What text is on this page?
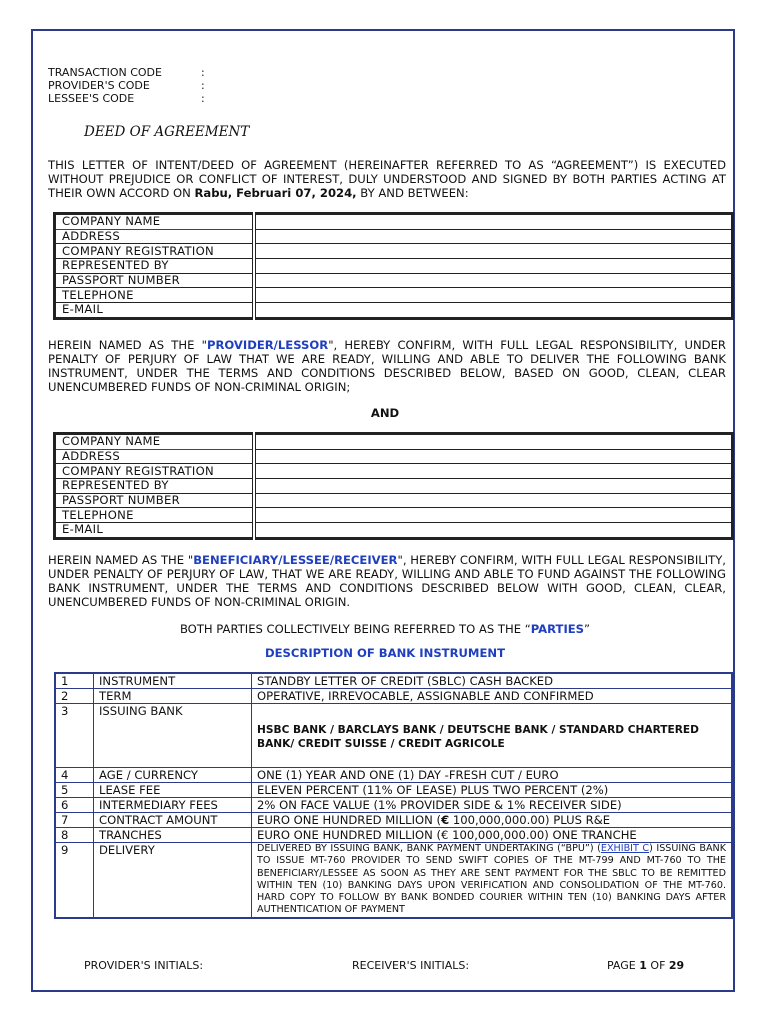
TRANSACTION CODE	:
PROVIDER'S CODE	:
LESSEE'S CODE	:
DEED OF AGREEMENT
THIS LETTER OF INTENT/DEED OF AGREEMENT (HEREINAFTER REFERRED TO AS “AGREEMENT”) IS EXECUTED WITHOUT PREJUDICE OR CONFLICT OF INTEREST, DULY UNDERSTOOD AND SIGNED BY BOTH PARTIES ACTING AT THEIR OWN ACCORD ON Rabu, Februari 07, 2024, BY AND BETWEEN:
COMPANY NAME	
ADDRESS	
COMPANY REGISTRATION	
REPRESENTED BY	
PASSPORT NUMBER	
TELEPHONE	
E-MAIL	
HEREIN NAMED AS THE "PROVIDER/LESSOR", HEREBY CONFIRM, WITH FULL LEGAL RESPONSIBILITY, UNDER PENALTY OF PERJURY OF LAW THAT WE ARE READY, WILLING AND ABLE TO DELIVER THE FOLLOWING BANK INSTRUMENT, UNDER THE TERMS AND CONDITIONS DESCRIBED BELOW, BASED ON GOOD, CLEAN, CLEAR UNENCUMBERED FUNDS OF NON-CRIMINAL ORIGIN;
AND
COMPANY NAME	
ADDRESS	
COMPANY REGISTRATION	
REPRESENTED BY	
PASSPORT NUMBER	
TELEPHONE	
E-MAIL	
HEREIN NAMED AS THE "BENEFICIARY/LESSEE/RECEIVER", HEREBY CONFIRM, WITH FULL LEGAL RESPONSIBILITY, UNDER PENALTY OF PERJURY OF LAW, THAT WE ARE READY, WILLING AND ABLE TO FUND AGAINST THE FOLLOWING BANK INSTRUMENT, UNDER THE TERMS AND CONDITIONS DESCRIBED BELOW WITH GOOD, CLEAN, CLEAR, UNENCUMBERED FUNDS OF NON-CRIMINAL ORIGIN.
BOTH PARTIES COLLECTIVELY BEING REFERRED TO AS THE “PARTIES”
DESCRIPTION OF BANK INSTRUMENT
1	INSTRUMENT	STANDBY LETTER OF CREDIT (SBLC) CASH BACKED
2	TERM	OPERATIVE, IRREVOCABLE, ASSIGNABLE AND CONFIRMED
3	ISSUING BANK	HSBC BANK / BARCLAYS BANK / DEUTSCHE BANK / STANDARD CHARTERED BANK/ CREDIT SUISSE / CREDIT AGRICOLE

4	AGE / CURRENCY	ONE (1) YEAR AND ONE (1) DAY -FRESH CUT / EURO
5	LEASE FEE	ELEVEN PERCENT (11% OF LEASE) PLUS TWO PERCENT (2%)
6	INTERMEDIARY FEES	2% ON FACE VALUE (1% PROVIDER SIDE & 1% RECEIVER SIDE)
7	CONTRACT AMOUNT	EURO ONE HUNDRED MILLION (€ 100,000,000.00) PLUS R&E
8	TRANCHES	EURO ONE HUNDRED MILLION (€ 100,000,000.00) ONE TRANCHE
9	DELIVERY	DELIVERED BY ISSUING BANK, BANK PAYMENT UNDERTAKING (“BPU”) (EXHIBIT C) ISSUING BANK TO ISSUE MT-760 PROVIDER TO SEND SWIFT COPIES OF THE MT-799 AND MT-760 TO THE BENEFICIARY/LESSEE AS SOON AS THEY ARE SENT PAYMENT FOR THE SBLC TO BE REMITTED WITHIN TEN (10) BANKING DAYS UPON VERIFICATION AND CONSOLIDATION OF THE MT-760. HARD COPY TO FOLLOW BY BANK BONDED COURIER WITHIN TEN (10) BANKING DAYS AFTER AUTHENTICATION OF PAYMENT
PROVIDER'S INITIALS:	RECEIVER'S INITIALS:	PAGE 1 OF 29
